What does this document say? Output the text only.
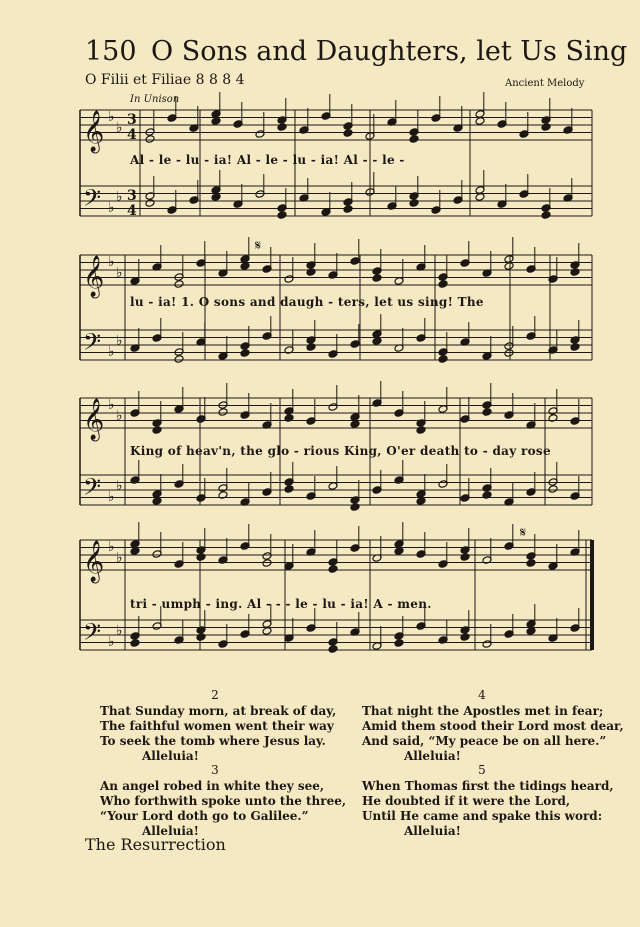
150 O Sons and Daughters, let Us Sing
O Filii et Filiae 8 8 8 4	Ancient Melody
In Unison
𝄞 ♭
♭ 3
4
𝄢 ♭
♭ 3
4
𝄞 ♭
♭
𝄢 ♭
♭
𝄞 ♭
♭
𝄢 ♭
♭
𝄞 ♭
♭
𝄢 ♭
♭
𝄋
𝄋
Al - le - lu - ia! Al - le - lu - ia! Al - - le -
lu - ia! 1. O sons and daugh - ters, let us sing! The
King of heav'n, the glo - rious King, O'er death to - day rose
tri - umph - ing. Al - - - le - lu - ia! A - men.
2
That Sunday morn, at break of day,
The faithful women went their way
To seek the tomb where Jesus lay.
Alleluia!
3
An angel robed in white they see,
Who forthwith spoke unto the three,
“Your Lord doth go to Galilee.”
Alleluia!
4
That night the Apostles met in fear;
Amid them stood their Lord most dear,
And said, “My peace be on all here.”
Alleluia!
5
When Thomas first the tidings heard,
He doubted if it were the Lord,
Until He came and spake this word:
Alleluia!
The Resurrection
